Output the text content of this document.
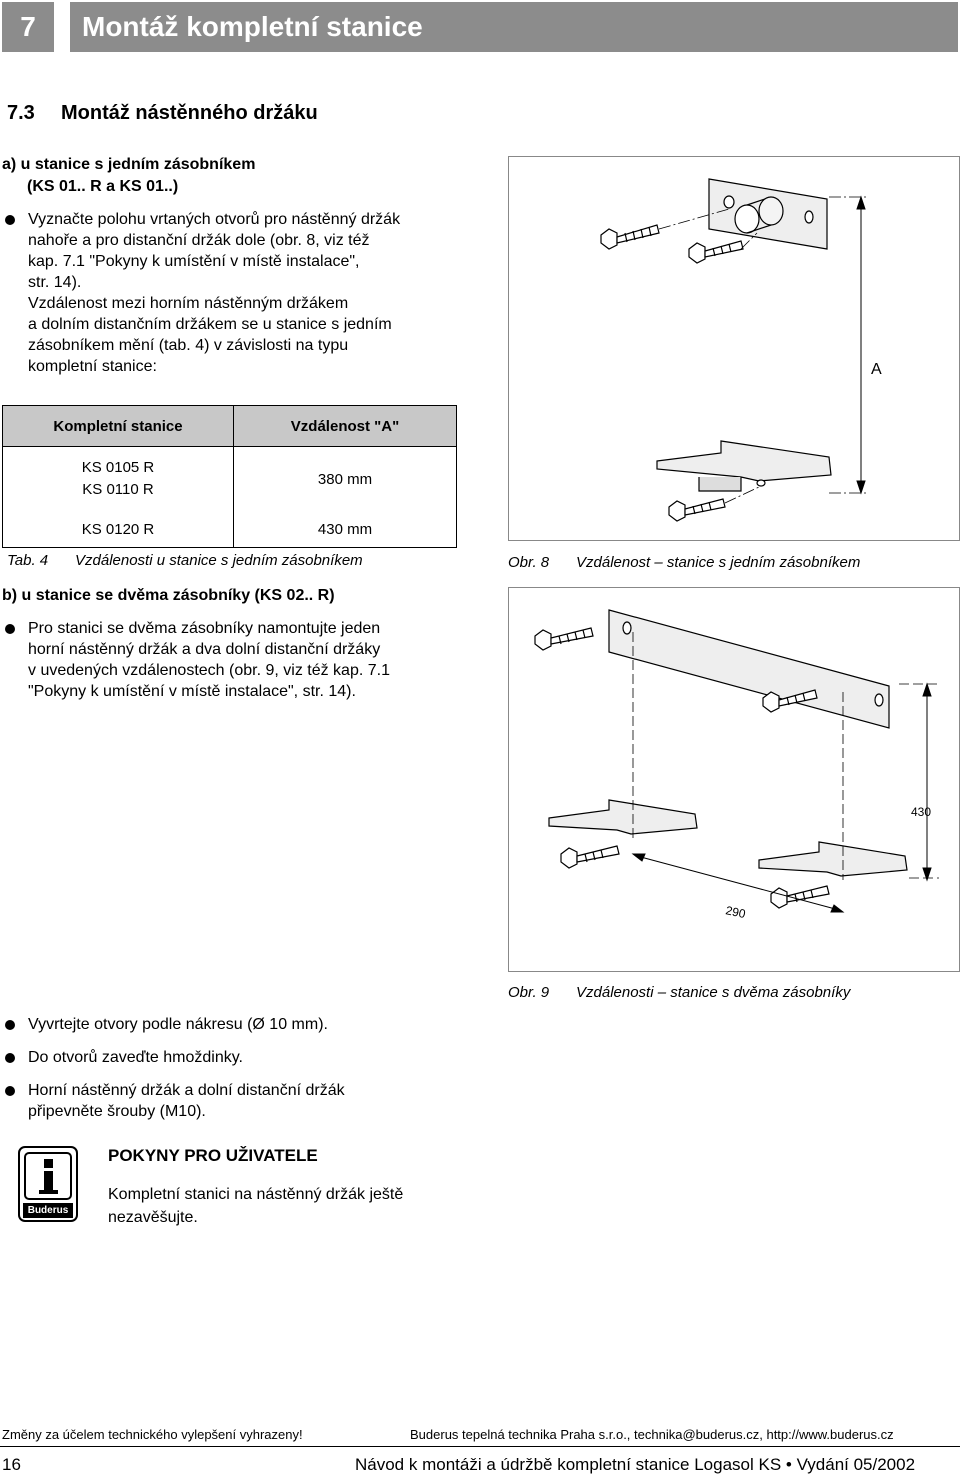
7	Montáž kompletní stanice
7.3 Montáž nástěnného držáku
a) u stanice s jedním zásobníkem
(KS 01.. R a KS 01..)
Vyznačte polohu vrtaných otvorů pro nástěnný držák
nahoře a pro distanční držák dole (obr. 8, viz též
kap. 7.1 "Pokyny k umístění v místě instalace",
str. 14).
Vzdálenost mezi horním nástěnným držákem
a dolním distančním držákem se u stanice s jedním
zásobníkem mění (tab. 4) v závislosti na typu
kompletní stanice:
Kompletní stanice	Vzdálenost "A"

KS 0105 R
KS 0110 R	380 mm
KS 0120 R	430 mm
Tab. 4 Vzdálenosti u stanice s jedním zásobníkem
A
Obr. 8 Vzdálenost – stanice s jedním zásobníkem
b) u stanice se dvěma zásobníky (KS 02.. R)
Pro stanici se dvěma zásobníky namontujte jeden
horní nástěnný držák a dva dolní distanční držáky
v uvedených vzdálenostech (obr. 9, viz též kap. 7.1
"Pokyny k umístění v místě instalace", str. 14).
430
290
Obr. 9 Vzdálenosti – stanice s dvěma zásobníky
Vyvrtejte otvory podle nákresu (Ø 10 mm).
Do otvorů zaveďte hmoždinky.
Horní nástěnný držák a dolní distanční držák
připevněte šrouby (M10).
Buderus
POKYNY PRO UŽIVATELE
Kompletní stanici na nástěnný držák ještě
nezavěšujte.
Změny za účelem technického vylepšení vyhrazeny!	Buderus tepelná technika Praha s.r.o., technika@buderus.cz, http://www.buderus.cz
16	Návod k montáži a údržbě kompletní stanice Logasol KS • Vydání 05/2002
